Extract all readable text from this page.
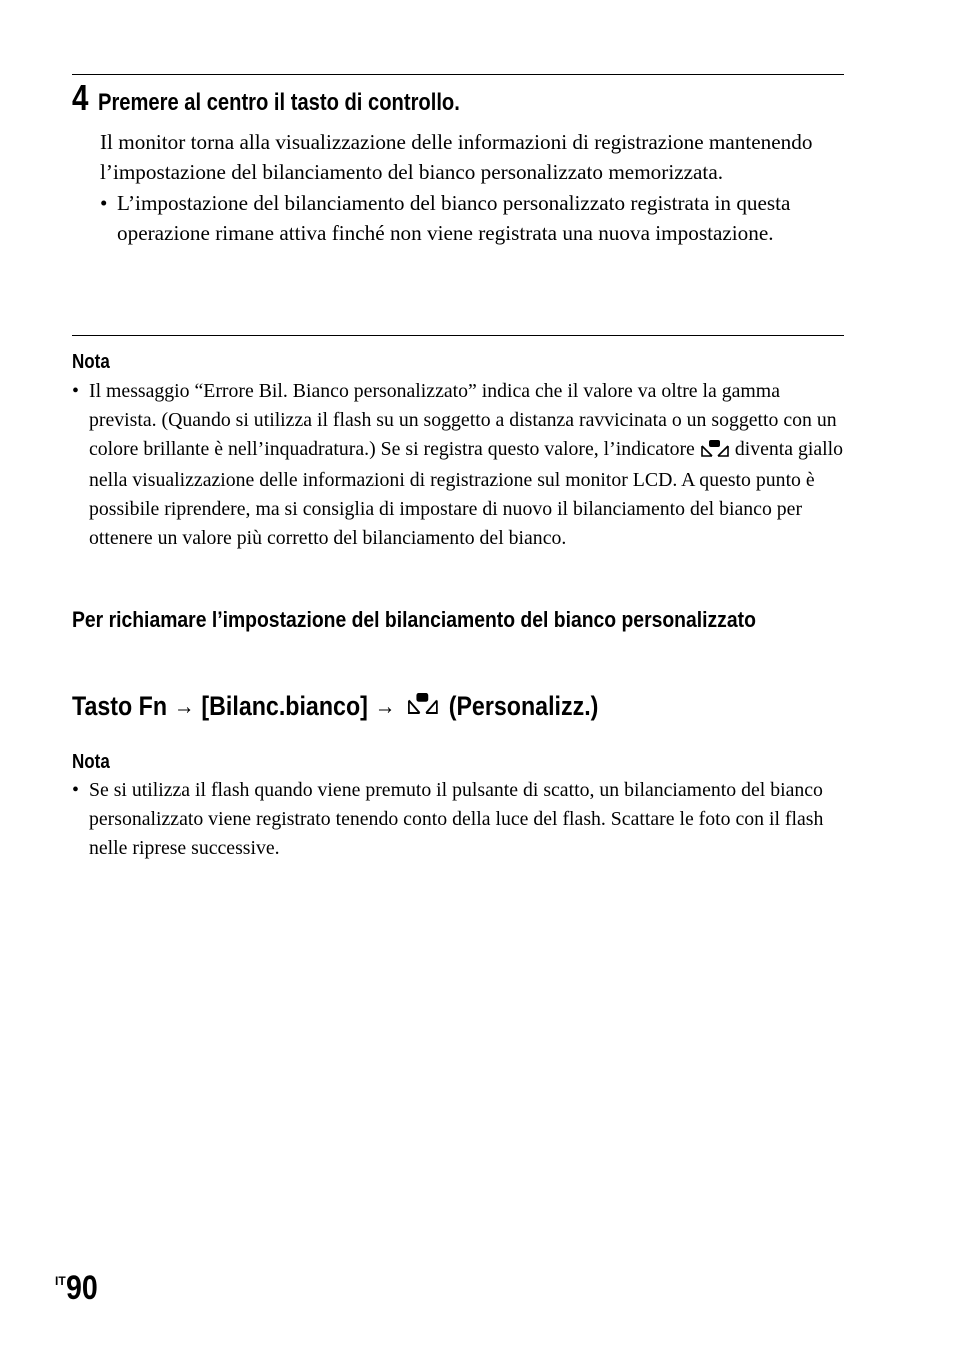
4 Premere al centro il tasto di controllo.
Il monitor torna alla visualizzazione delle informazioni di registrazione mantenendo l’impostazione del bilanciamento del bianco personalizzato memorizzata.
• L’impostazione del bilanciamento del bianco personalizzato registrata in questa operazione rimane attiva finché non viene registrata una nuova impostazione.
Nota
• Il messaggio “Errore Bil. Bianco personalizzato” indica che il valore va oltre la gamma prevista. (Quando si utilizza il flash su un soggetto a distanza ravvicinata o un soggetto con un colore brillante è nell’inquadratura.) Se si registra questo valore, l’indicatore diventa giallo nella visualizzazione delle informazioni di registrazione sul monitor LCD. A questo punto è possibile riprendere, ma si consiglia di impostare di nuovo il bilanciamento del bianco per ottenere un valore più corretto del bilanciamento del bianco.
Per richiamare l’impostazione del bilanciamento del bianco personalizzato
Tasto Fn → [Bilanc.bianco] → (Personalizz.)
Nota
• Se si utilizza il flash quando viene premuto il pulsante di scatto, un bilanciamento del bianco personalizzato viene registrato tenendo conto della luce del flash. Scattare le foto con il flash nelle riprese successive.
IT 90
